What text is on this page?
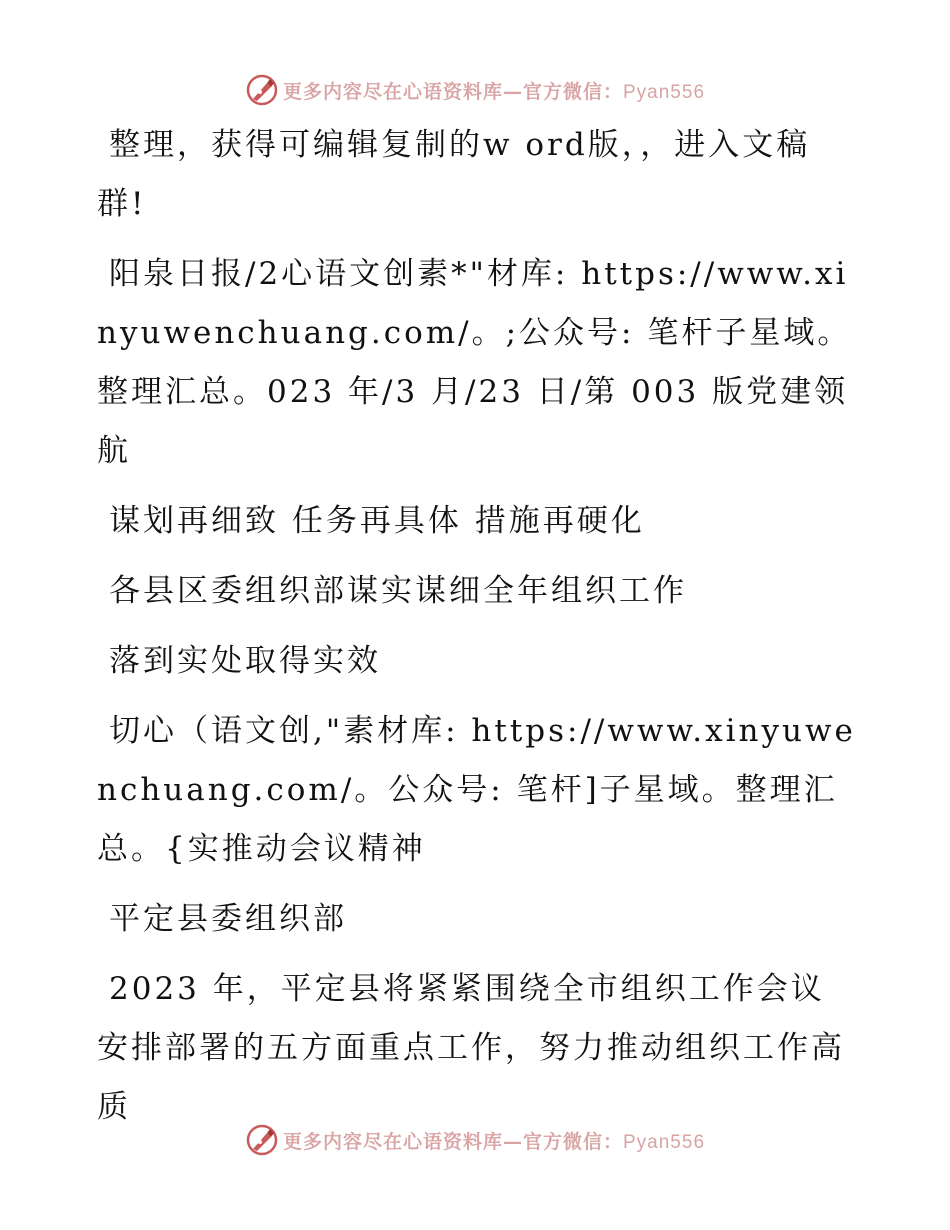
更多内容尽在心语资料库—官方微信：Pyan556

整理，获得可编辑复制的w ord版，，进入文稿群!

阳泉日报/2心语文创素*"材库: https://www.xinyuwenchuang.com/。;公众号: 笔杆子星域。整理汇总。023 年/3 月/23 日/第 003 版党建领航

谋划再细致 任务再具体 措施再硬化

各县区委组织部谋实谋细全年组织工作

落到实处取得实效

切心（语文创,"素材库: https://www.xinyuwenchuang.com/。公众号: 笔杆]子星域。整理汇总。{实推动会议精神

平定县委组织部

2023 年，平定县将紧紧围绕全市组织工作会议安排部署的五方面重点工作，努力推动组织工作高质

更多内容尽在心语资料库—官方微信：Pyan556
